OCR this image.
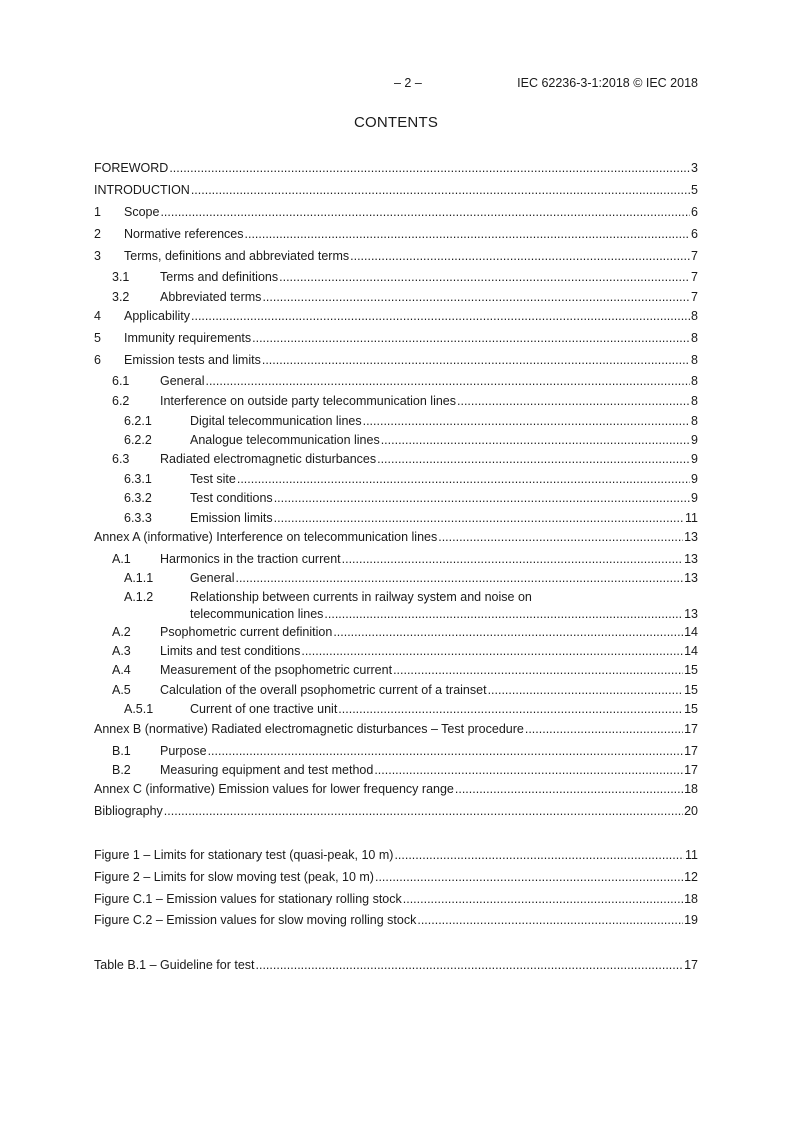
– 2 –	IEC 62236-3-1:2018 © IEC 2018
CONTENTS
FOREWORD .....	3
INTRODUCTION .....	5
1 Scope .....	6
2 Normative references .....	6
3 Terms, definitions and abbreviated terms .....	7
3.1 Terms and definitions .....	7
3.2 Abbreviated terms .....	7
4 Applicability .....	8
5 Immunity requirements .....	8
6 Emission tests and limits .....	8
6.1 General .....	8
6.2 Interference on outside party telecommunication lines .....	8
6.2.1	Digital telecommunication lines .....	8
6.2.2	Analogue telecommunication lines .....	9
6.3 Radiated electromagnetic disturbances .....	9
6.3.1	Test site .....	9
6.3.2	Test conditions .....	9
6.3.3	Emission limits .....	11
Annex A (informative) Interference on telecommunication lines .....	13
A.1 Harmonics in the traction current .....	13
A.1.1	General .....	13
A.1.2	Relationship between currents in railway system and noise on
telecommunication lines .....	13
A.2 Psophometric current definition .....	14
A.3 Limits and test conditions .....	14
A.4 Measurement of the psophometric current .....	15
A.5 Calculation of the overall psophometric current of a trainset .....	15
A.5.1	Current of one tractive unit .....	15
Annex B (normative) Radiated electromagnetic disturbances – Test procedure .....	17
B.1 Purpose .....	17
B.2 Measuring equipment and test method .....	17
Annex C (informative) Emission values for lower frequency range .....	18
Bibliography .....	20
Figure 1 – Limits for stationary test (quasi-peak, 10 m) .....	11
Figure 2 – Limits for slow moving test (peak, 10 m) .....	12
Figure C.1 – Emission values for stationary rolling stock .....	18
Figure C.2 – Emission values for slow moving rolling stock .....	19
Table B.1 – Guideline for test .....	17
